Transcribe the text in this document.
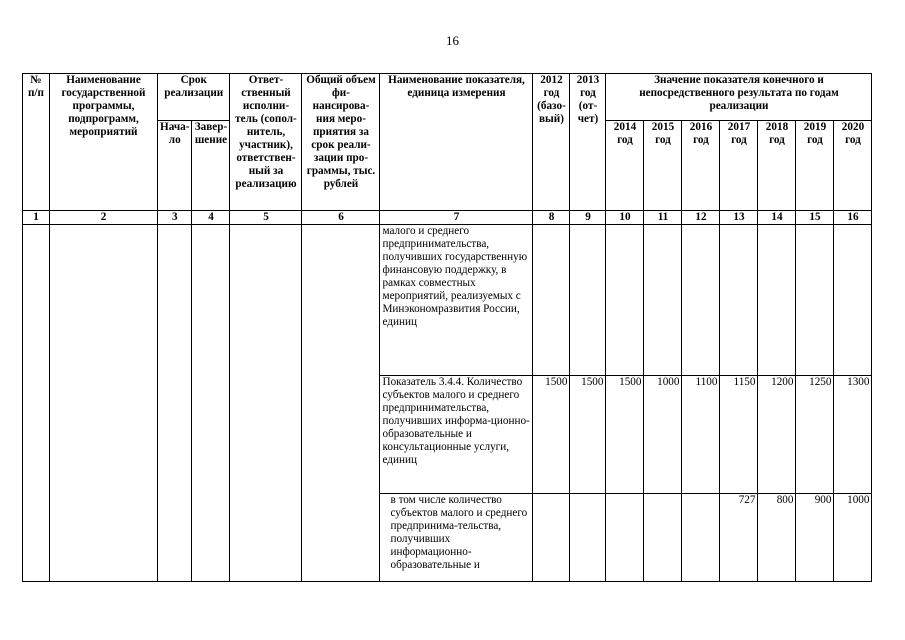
16
№ п/п	Наименование государственной программы, подпрограмм, мероприятий	Срок реализации		Ответ-ственный исполни-тель (сопол-нитель, участник), ответствен-ный за реализацию	Общий объем фи-нансирова-ния меро-приятия за срок реали-зации про-граммы, тыс. рублей	Наименование показателя, единица измерения	2012 год (базо-вый)	2013 год (от-чет)	Значение показателя конечного и непосредственного результата по годам реализации						

		Нача-ло	Завер-шение						2014 год	2015 год	2016 год	2017 год	2018 год	2019 год	2020 год
1	2	3	4	5	6	7	8	9	10	11	12	13	14	15	16
						малого и среднего предпринимательства, получивших государственную финансовую поддержку, в рамках совместных мероприятий, реализуемых с Минэкономразвития России, единиц									
						Показатель 3.4.4. Количество субъектов малого и среднего предпринимательства, получивших информа-ционно-образовательные и консультационные услуги, единиц	1500	1500	1500	1000	1100	1150	1200	1250	1300
						в том числе количество субъектов малого и среднего предпринима-тельства, получивших информационно-образовательные и						727	800	900	1000
